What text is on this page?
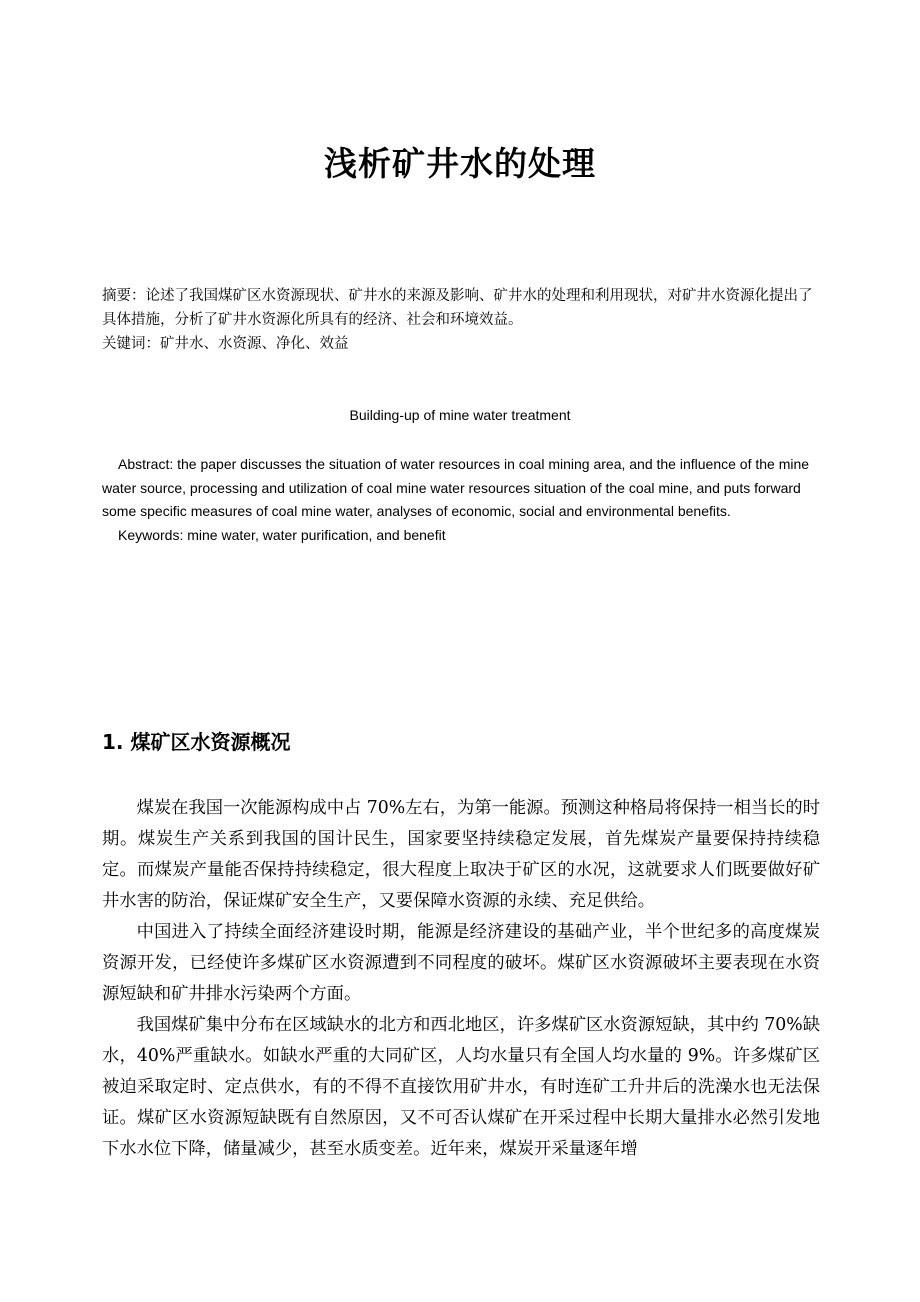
浅析矿井水的处理

摘要：论述了我国煤矿区水资源现状、矿井水的来源及影响、矿井水的处理和利用现状，对矿井水资源化提出了具体措施，分析了矿井水资源化所具有的经济、社会和环境效益。

关键词：矿井水、水资源、净化、效益

Building-up of mine water treatment

Abstract: the paper discusses the situation of water resources in coal mining area, and the influence of the mine water source, processing and utilization of coal mine water resources situation of the coal mine, and puts forward some specific measures of coal mine water, analyses of economic, social and environmental benefits.

Keywords: mine water, water purification, and benefit

1. 煤矿区水资源概况

煤炭在我国一次能源构成中占 70%左右，为第一能源。预测这种格局将保持一相当长的时期。煤炭生产关系到我国的国计民生，国家要坚持续稳定发展，首先煤炭产量要保持持续稳定。而煤炭产量能否保持持续稳定，很大程度上取决于矿区的水况，这就要求人们既要做好矿井水害的防治，保证煤矿安全生产，又要保障水资源的永续、充足供给。

中国进入了持续全面经济建设时期，能源是经济建设的基础产业，半个世纪多的高度煤炭资源开发，已经使许多煤矿区水资源遭到不同程度的破坏。煤矿区水资源破坏主要表现在水资源短缺和矿井排水污染两个方面。

我国煤矿集中分布在区域缺水的北方和西北地区，许多煤矿区水资源短缺，其中约 70%缺水，40%严重缺水。如缺水严重的大同矿区，人均水量只有全国人均水量的 9%。许多煤矿区被迫采取定时、定点供水，有的不得不直接饮用矿井水，有时连矿工升井后的洗澡水也无法保证。煤矿区水资源短缺既有自然原因，又不可否认煤矿在开采过程中长期大量排水必然引发地下水水位下降，储量减少，甚至水质变差。近年来，煤炭开采量逐年增
